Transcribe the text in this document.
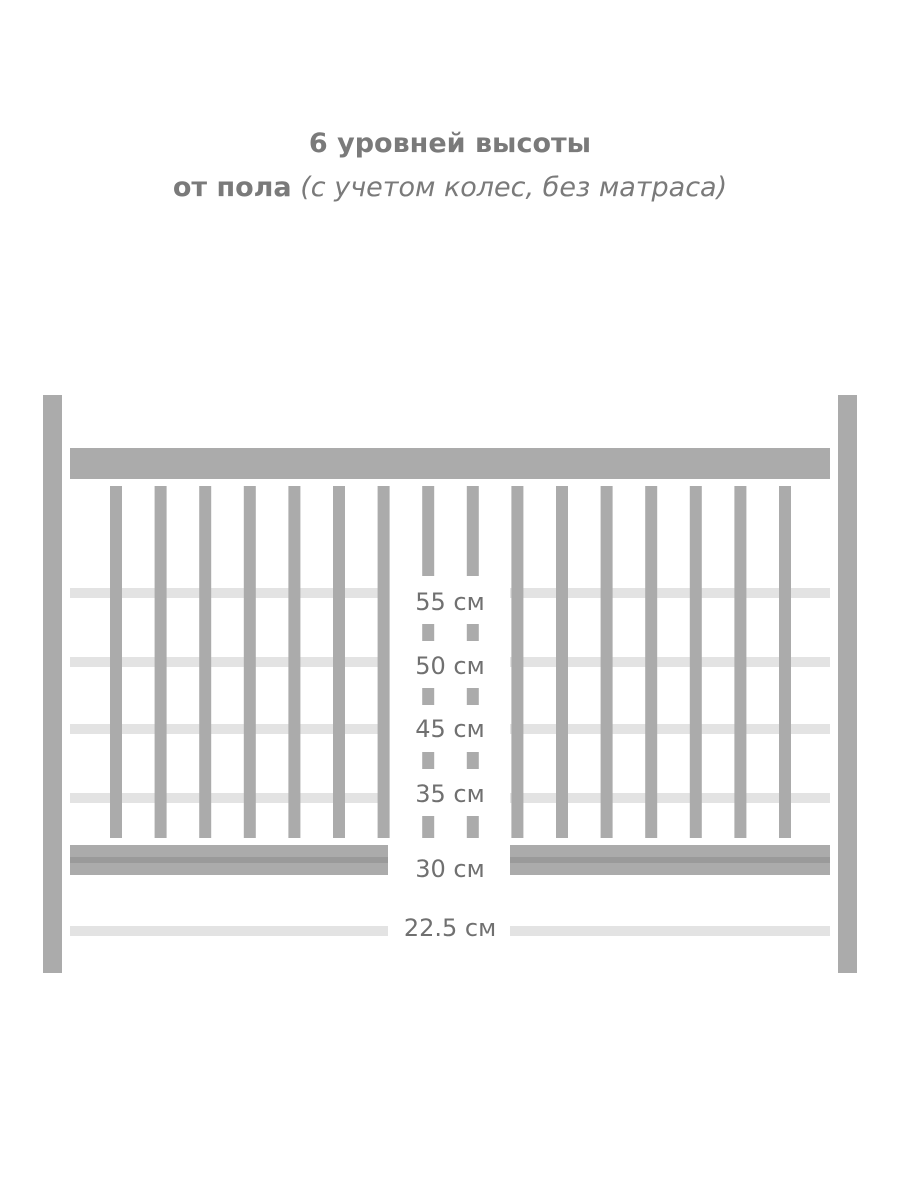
6 уровней высоты
от пола (с учетом колес, без матраса)
55 см
50 см
45 см
35 см
30 см
22.5 см
